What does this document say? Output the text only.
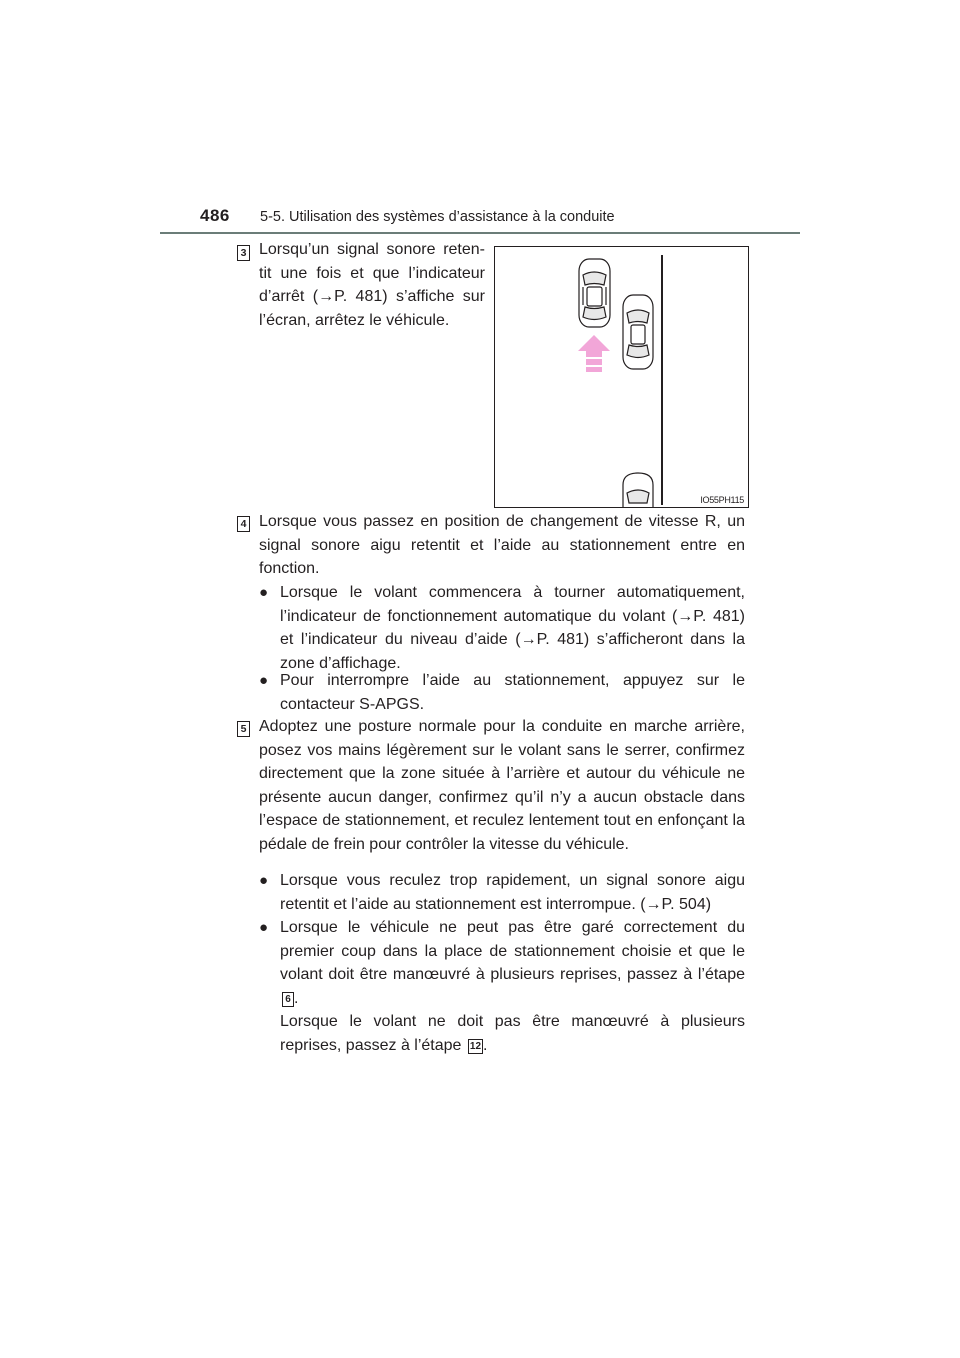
486 5-5. Utilisation des systèmes d’assistance à la conduite
3 Lorsqu’un signal sonore reten- tit une fois et que l’indicateur d’arrêt (→P. 481) s’affiche sur l’écran, arrêtez le véhicule.
IO55PH115
4 Lorsque vous passez en position de changement de vitesse R, un signal sonore aigu retentit et l’aide au stationnement entre en fonction.
● Lorsque le volant commencera à tourner automatiquement, l’indicateur de fonctionnement automatique du volant (→P. 481) et l’indicateur du niveau d’aide (→P. 481) s’afficheront dans la zone d’affichage.
● Pour interrompre l’aide au stationnement, appuyez sur le contacteur S-APGS.
5 Adoptez une posture normale pour la conduite en marche arrière, posez vos mains légèrement sur le volant sans le serrer, confirmez directement que la zone située à l’arrière et autour du véhicule ne présente aucun danger, confirmez qu’il n’y a aucun obstacle dans l’espace de stationnement, et reculez lentement tout en enfonçant la pédale de frein pour contrôler la vitesse du véhicule.
● Lorsque vous reculez trop rapidement, un signal sonore aigu retentit et l’aide au stationnement est interrompue. (→P. 504)
● Lorsque le véhicule ne peut pas être garé correctement du premier coup dans la place de stationnement choisie et que le volant doit être manœuvré à plusieurs reprises, passez à l’étape 6 .
Lorsque le volant ne doit pas être manœuvré à plusieurs reprises, passez à l’étape 12 .
